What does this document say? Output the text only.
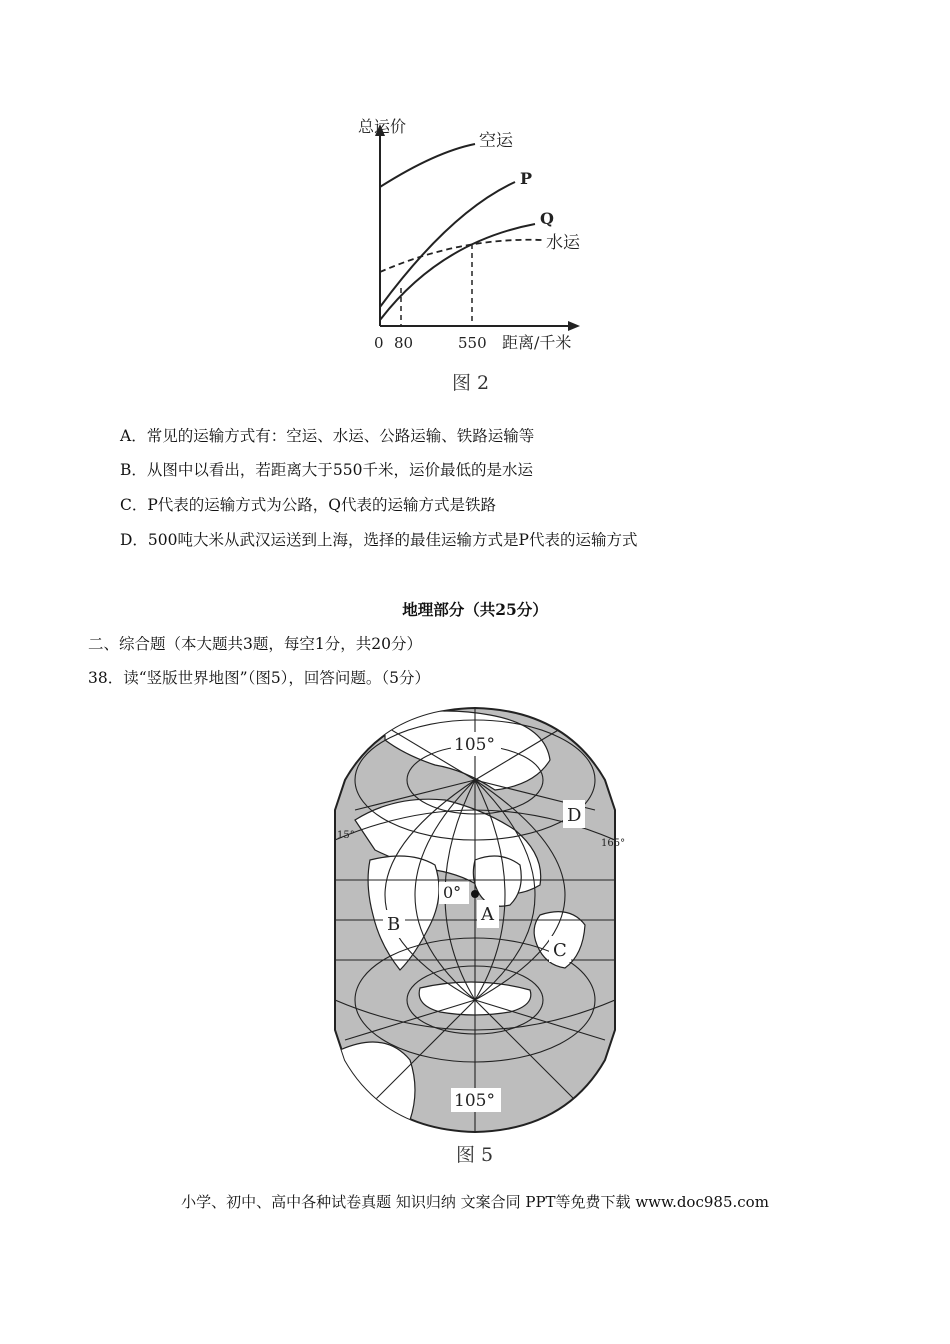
总运价
空运
P
Q
水运
0 80	550 距离/千米
图 2
A．常见的运输方式有：空运、水运、公路运输、铁路运输等
B．从图中以看出，若距离大于550千米，运价最低的是水运
C．P代表的运输方式为公路，Q代表的运输方式是铁路
D．500吨大米从武汉运送到上海，选择的最佳运输方式是P代表的运输方式
地理部分（共25分）
二、综合题（本大题共3题，每空1分，共20分）
38．读“竖版世界地图”（图5），回答问题。（5分）
105°
105°
15°
165°
0°
A
B
C
D
图 5
小学、初中、高中各种试卷真题 知识归纳 文案合同 PPT等免费下载 www.doc985.com
